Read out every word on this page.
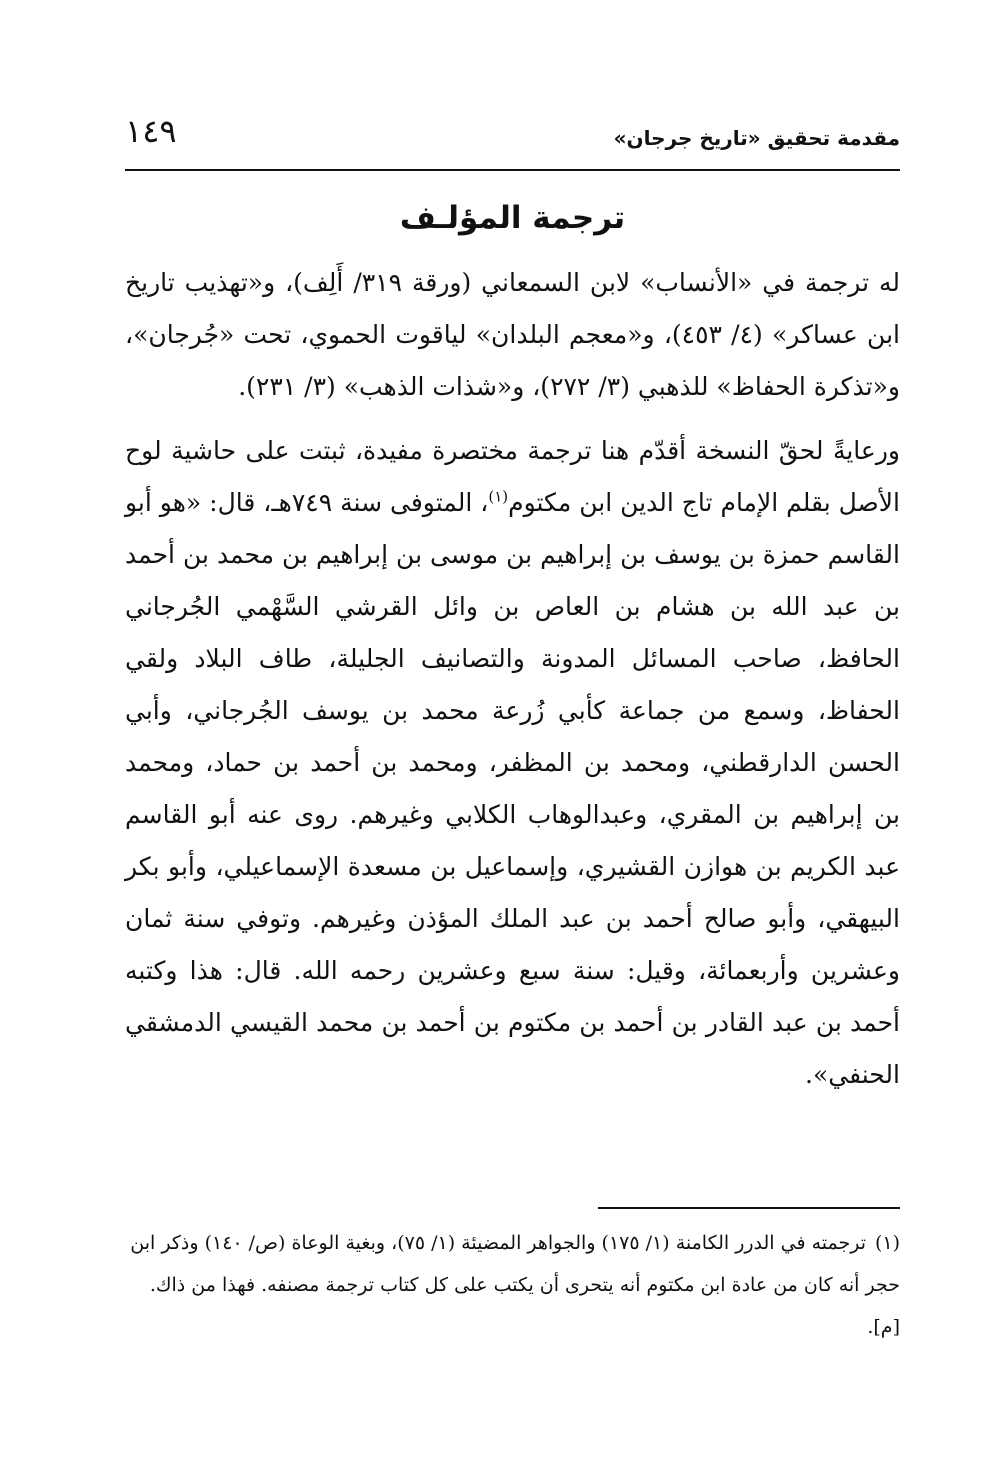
مقدمة تحقيق «تاريخ جرجان»
١٤٩
ترجمة المؤلـف

له ترجمة في «الأنساب» لابن السمعاني (ورقة ٣١٩/ أَلِف)، و«تهذيب تاريخ ابن عساكر» (٤/ ٤٥٣)، و«معجم البلدان» لياقوت الحموي، تحت «جُرجان»، و«تذكرة الحفاظ» للذهبي (٣/ ٢٧٢)، و«شذات الذهب» (٣/ ٢٣١).

ورعايةً لحقّ النسخة أقدّم هنا ترجمة مختصرة مفيدة، ثبتت على حاشية لوح الأصل بقلم الإمام تاج الدين ابن مكتوم$^{(١)}$، المتوفى سنة ٧٤٩هـ، قال: «هو أبو القاسم حمزة بن يوسف بن إبراهيم بن موسى بن إبراهيم بن محمد بن أحمد بن عبد الله بن هشام بن العاص بن وائل القرشي السَّهْمي الجُرجاني الحافظ، صاحب المسائل المدونة والتصانيف الجليلة، طاف البلاد ولقي الحفاظ، وسمع من جماعة كأبي زُرعة محمد بن يوسف الجُرجاني، وأبي الحسن الدارقطني، ومحمد بن المظفر، ومحمد بن أحمد بن حماد، ومحمد بن إبراهيم بن المقري، وعبدالوهاب الكلابي وغيرهم. روى عنه أبو القاسم عبد الكريم بن هوازن القشيري، وإسماعيل بن مسعدة الإسماعيلي، وأبو بكر البيهقي، وأبو صالح أحمد بن عبد الملك المؤذن وغيرهم. وتوفي سنة ثمان وعشرين وأربعمائة، وقيل: سنة سبع وعشرين رحمه الله. قال: هذا وكتبه أحمد بن عبد القادر بن أحمد بن مكتوم بن أحمد بن محمد القيسي الدمشقي الحنفي».

(١)ترجمته في الدرر الكامنة (١/ ١٧٥) والجواهر المضيئة (١/ ٧٥)، وبغية الوعاة (ص/ ١٤٠) وذكر ابن حجر أنه كان من عادة ابن مكتوم أنه يتحرى أن يكتب على كل كتاب ترجمة مصنفه. فهذا من ذاك. [م].
